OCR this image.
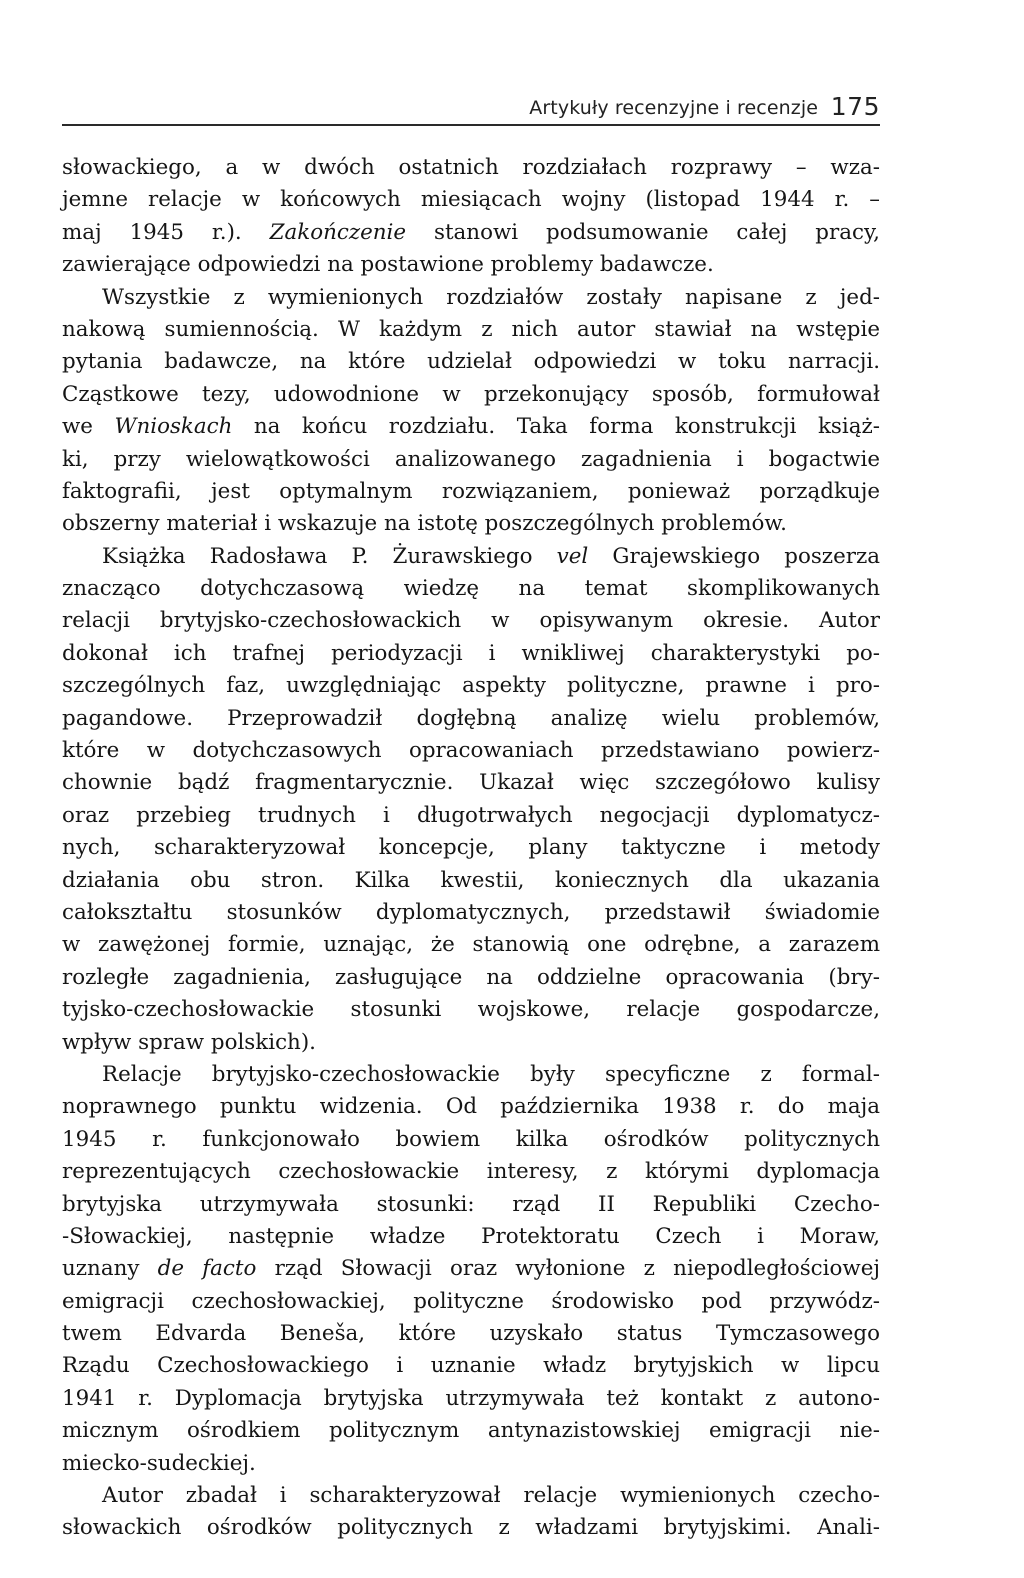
Artykuły recenzyjne i recenzje 175
słowackiego, a w dwóch ostatnich rozdziałach rozprawy – wza-
jemne relacje w końcowych miesiącach wojny (listopad 1944 r. –
maj 1945 r.). Zakończenie stanowi podsumowanie całej pracy,
zawierające odpowiedzi na postawione problemy badawcze.
Wszystkie z wymienionych rozdziałów zostały napisane z jed-
nakową sumiennością. W każdym z nich autor stawiał na wstępie
pytania badawcze, na które udzielał odpowiedzi w toku narracji.
Cząstkowe tezy, udowodnione w przekonujący sposób, formułował
we Wnioskach na końcu rozdziału. Taka forma konstrukcji książ-
ki, przy wielowątkowości analizowanego zagadnienia i bogactwie
faktografii, jest optymalnym rozwiązaniem, ponieważ porządkuje
obszerny materiał i wskazuje na istotę poszczególnych problemów.
Książka Radosława P. Żurawskiego vel Grajewskiego poszerza
znacząco dotychczasową wiedzę na temat skomplikowanych
relacji brytyjsko-czechosłowackich w opisywanym okresie. Autor
dokonał ich trafnej periodyzacji i wnikliwej charakterystyki po-
szczególnych faz, uwzględniając aspekty polityczne, prawne i pro-
pagandowe. Przeprowadził dogłębną analizę wielu problemów,
które w dotychczasowych opracowaniach przedstawiano powierz-
chownie bądź fragmentarycznie. Ukazał więc szczegółowo kulisy
oraz przebieg trudnych i długotrwałych negocjacji dyplomatycz-
nych, scharakteryzował koncepcje, plany taktyczne i metody
działania obu stron. Kilka kwestii, koniecznych dla ukazania
całokształtu stosunków dyplomatycznych, przedstawił świadomie
w zawężonej formie, uznając, że stanowią one odrębne, a zarazem
rozległe zagadnienia, zasługujące na oddzielne opracowania (bry-
tyjsko-czechosłowackie stosunki wojskowe, relacje gospodarcze,
wpływ spraw polskich).
Relacje brytyjsko-czechosłowackie były specyficzne z formal-
noprawnego punktu widzenia. Od października 1938 r. do maja
1945 r. funkcjonowało bowiem kilka ośrodków politycznych
reprezentujących czechosłowackie interesy, z którymi dyplomacja
brytyjska utrzymywała stosunki: rząd II Republiki Czecho-
-Słowackiej, następnie władze Protektoratu Czech i Moraw,
uznany de facto rząd Słowacji oraz wyłonione z niepodległościowej
emigracji czechosłowackiej, polityczne środowisko pod przywódz-
twem Edvarda Beneša, które uzyskało status Tymczasowego
Rządu Czechosłowackiego i uznanie władz brytyjskich w lipcu
1941 r. Dyplomacja brytyjska utrzymywała też kontakt z autono-
micznym ośrodkiem politycznym antynazistowskiej emigracji nie-
miecko-sudeckiej.
Autor zbadał i scharakteryzował relacje wymienionych czecho-
słowackich ośrodków politycznych z władzami brytyjskimi. Anali-
